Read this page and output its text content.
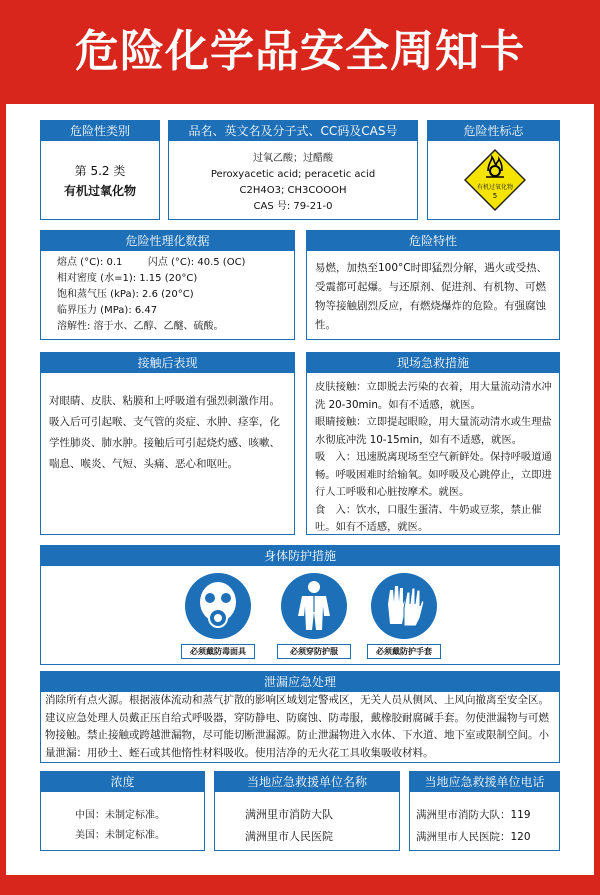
危险化学品安全周知卡
危险性类别
第 5.2 类
有机过氧化物
品名、英文名及分子式、CC码及CAS号
过氧乙酸；过醋酸
Peroxyacetic acid; peracetic acid
C2H4O3; CH3COOOH
CAS 号: 79-21-0
危险性标志
有机过氧化物
5
危险性理化数据
熔点 (°C): 0.1        闪点 (°C): 40.5 (OC)
相对密度 (水=1): 1.15 (20°C)
饱和蒸气压 (kPa): 2.6 (20°C)
临界压力 (MPa): 6.47
溶解性: 溶于水、乙醇、乙醚、硫酸。
危险特性
易燃，加热至100°C时即猛烈分解，遇火或受热、受震都可起爆。与还原剂、促进剂、有机物、可燃物等接触剧烈反应，有燃烧爆炸的危险。有强腐蚀性。
接触后表现
对眼睛、皮肤、粘膜和上呼吸道有强烈刺激作用。吸入后可引起喉、支气管的炎症、水肿、痉挛，化学性肺炎、肺水肿。接触后可引起烧灼感、咳嗽、喘息、喉炎、气短、头痛、恶心和呕吐。
现场急救措施
皮肤接触：立即脱去污染的衣着，用大量流动清水冲洗 20-30min。如有不适感，就医。
眼睛接触：立即提起眼睑，用大量流动清水或生理盐水彻底冲洗 10-15min，如有不适感，就医。
吸　入：迅速脱离现场至空气新鲜处。保持呼吸道通畅。呼吸困难时给输氧。如呼吸及心跳停止，立即进行人工呼吸和心脏按摩术。就医。
食　入：饮水，口服生蛋清、牛奶或豆浆，禁止催吐。如有不适感，就医。
身体防护措施
必须戴防毒面具	必须穿防护服	必须戴防护手套
泄漏应急处理
消除所有点火源。根据液体流动和蒸气扩散的影响区域划定警戒区，无关人员从侧风、上风向撤离至安全区。建议应急处理人员戴正压自给式呼吸器，穿防静电、防腐蚀、防毒服，戴橡胶耐腐碱手套。勿使泄漏物与可燃物接触。禁止接触或跨越泄漏物，尽可能切断泄漏源。防止泄漏物进入水体、下水道、地下室或限制空间。小量泄漏：用砂土、蛭石或其他惰性材料吸收。使用洁净的无火花工具收集吸收材料。
浓度
中国：未制定标准。
美国：未制定标准。
当地应急救援单位名称
满洲里市消防大队
满洲里市人民医院
当地应急救援单位电话
满洲里市消防大队：119
满洲里市人民医院：120
